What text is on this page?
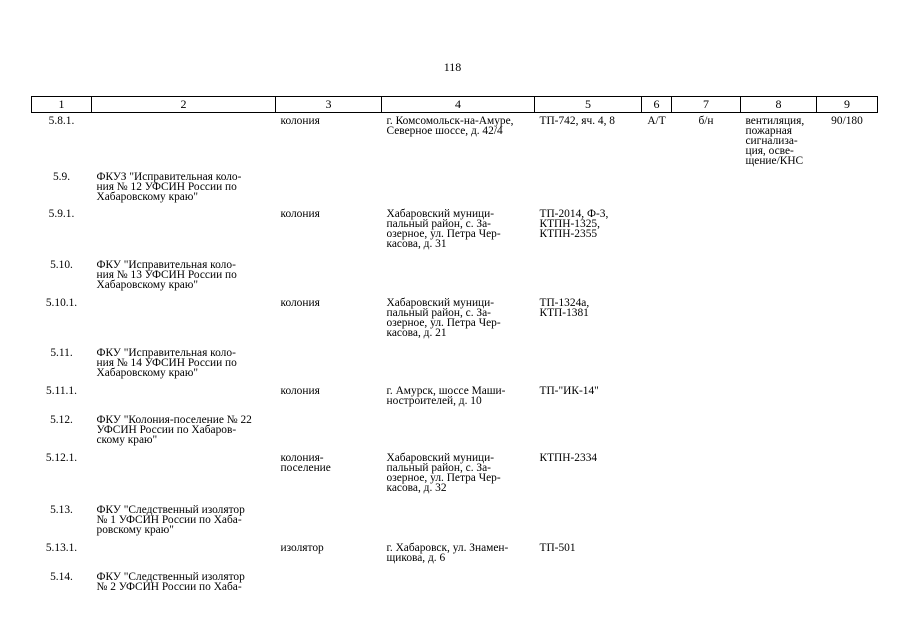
118
1	2	3	4	5	6	7	8	9
5.8.1.		колония	г. Комсомольск-на-Амуре,
Северное шоссе, д. 42/4	ТП-742, яч. 4, 8	А/Т	б/н	вентиляция,
пожарная
сигнализа-
ция, осве-
щение/КНС	90/180
5.9.	ФКУЗ "Исправительная коло-
ния № 12 УФСИН России по
Хабаровскому краю"							
5.9.1.		колония	Хабаровский муници-
пальный район, с. За-
озерное, ул. Петра Чер-
касова, д. 31	ТП-2014, Ф-3,
КТПН-1325,
КТПН-2355				
5.10.	ФКУ "Исправительная коло-
ния № 13 УФСИН России по
Хабаровскому краю"							
5.10.1.		колония	Хабаровский муници-
пальный район, с. За-
озерное, ул. Петра Чер-
касова, д. 21	ТП-1324а,
КТП-1381				
5.11.	ФКУ "Исправительная коло-
ния № 14 УФСИН России по
Хабаровскому краю"							
5.11.1.		колония	г. Амурск, шоссе Маши-
ностроителей, д. 10	ТП-"ИК-14"				
5.12.	ФКУ "Колония-поселение № 22
УФСИН России по Хабаров-
скому краю"							
5.12.1.		колония-
поселение	Хабаровский муници-
пальный район, с. За-
озерное, ул. Петра Чер-
касова, д. 32	КТПН-2334				
5.13.	ФКУ "Следственный изолятор
№ 1 УФСИН России по Хаба-
ровскому краю"							
5.13.1.		изолятор	г. Хабаровск, ул. Знамен-
щикова, д. 6	ТП-501				
5.14.	ФКУ "Следственный изолятор
№ 2 УФСИН России по Хаба-							
